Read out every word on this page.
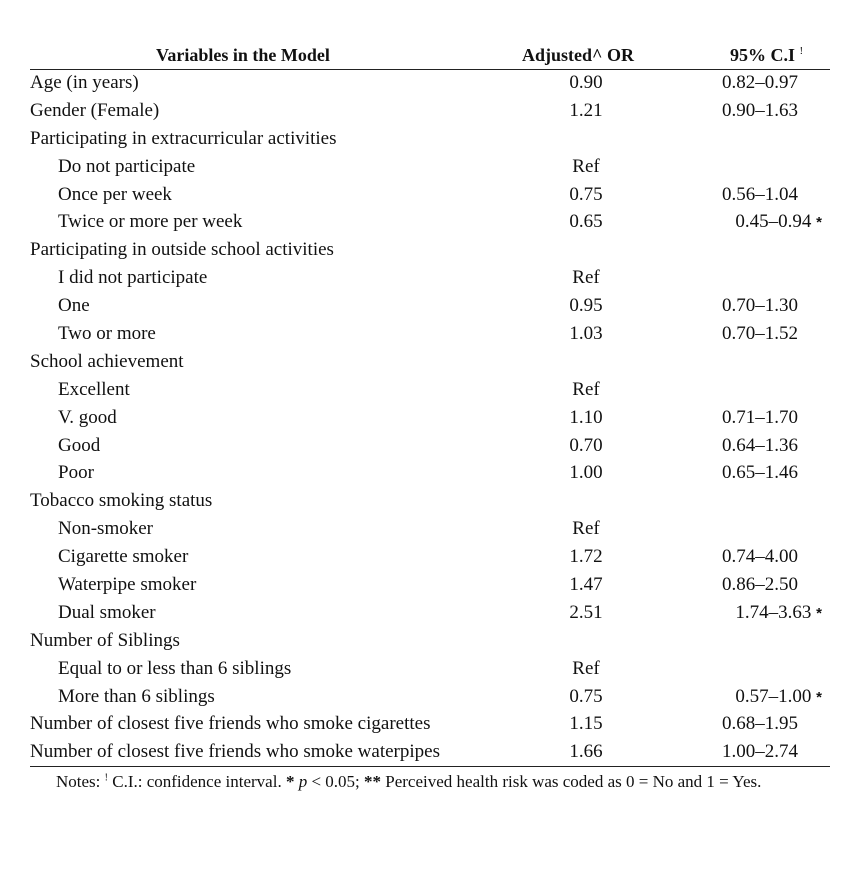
Variables in the Model	Adjusted^ OR	95% C.I !
Age (in years)	0.90	0.82–0.97
Gender (Female)	1.21	0.90–1.63
Participating in extracurricular activities
Do not participate	Ref
Once per week	0.75	0.56–1.04
Twice or more per week	0.65	0.45–0.94 *
Participating in outside school activities
I did not participate	Ref
One	0.95	0.70–1.30
Two or more	1.03	0.70–1.52
School achievement
Excellent	Ref
V. good	1.10	0.71–1.70
Good	0.70	0.64–1.36
Poor	1.00	0.65–1.46
Tobacco smoking status
Non-smoker	Ref
Cigarette smoker	1.72	0.74–4.00
Waterpipe smoker	1.47	0.86–2.50
Dual smoker	2.51	1.74–3.63 *
Number of Siblings
Equal to or less than 6 siblings	Ref
More than 6 siblings	0.75	0.57–1.00 *
Number of closest five friends who smoke cigarettes	1.15	0.68–1.95
Number of closest five friends who smoke waterpipes	1.66	1.00–2.74
Notes: ! C.I.: confidence interval. * p < 0.05; ** Perceived health risk was coded as 0 = No and 1 = Yes.
